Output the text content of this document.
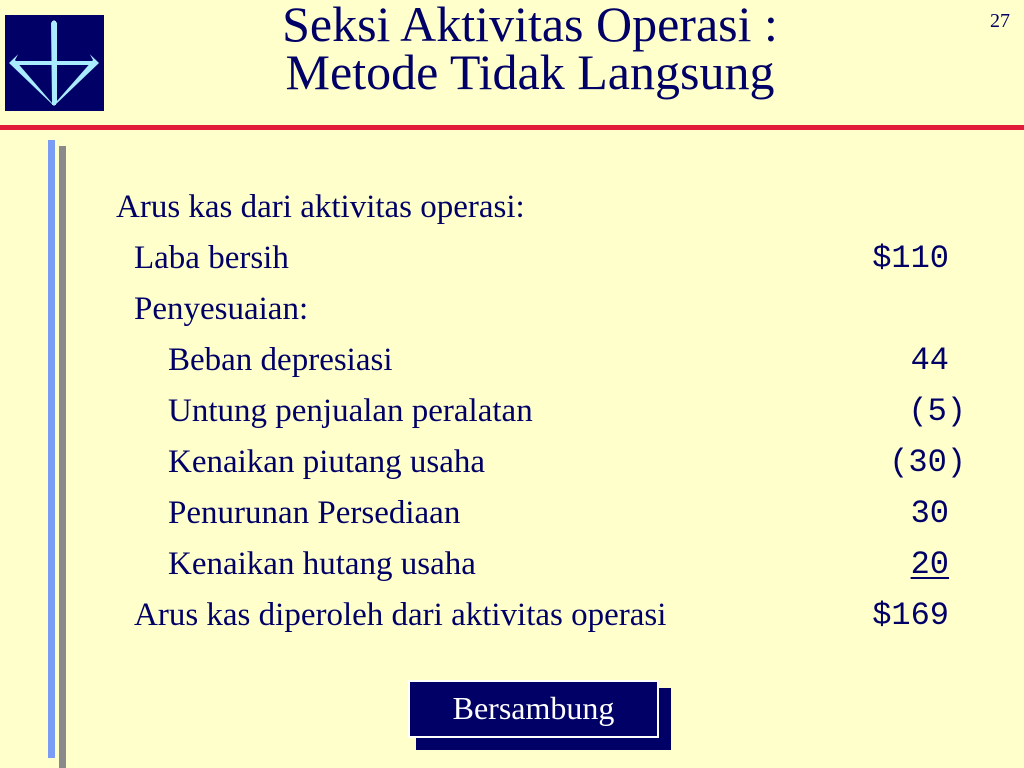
Seksi Aktivitas Operasi :
Metode Tidak Langsung
27
Arus kas dari aktivitas operasi:
Laba bersih	$110
Penyesuaian:
Beban depresiasi	44
Untung penjualan peralatan	(5)
Kenaikan piutang usaha	(30)
Penurunan Persediaan	30
Kenaikan hutang usaha	20
Arus kas diperoleh dari aktivitas operasi	$169
Bersambung
